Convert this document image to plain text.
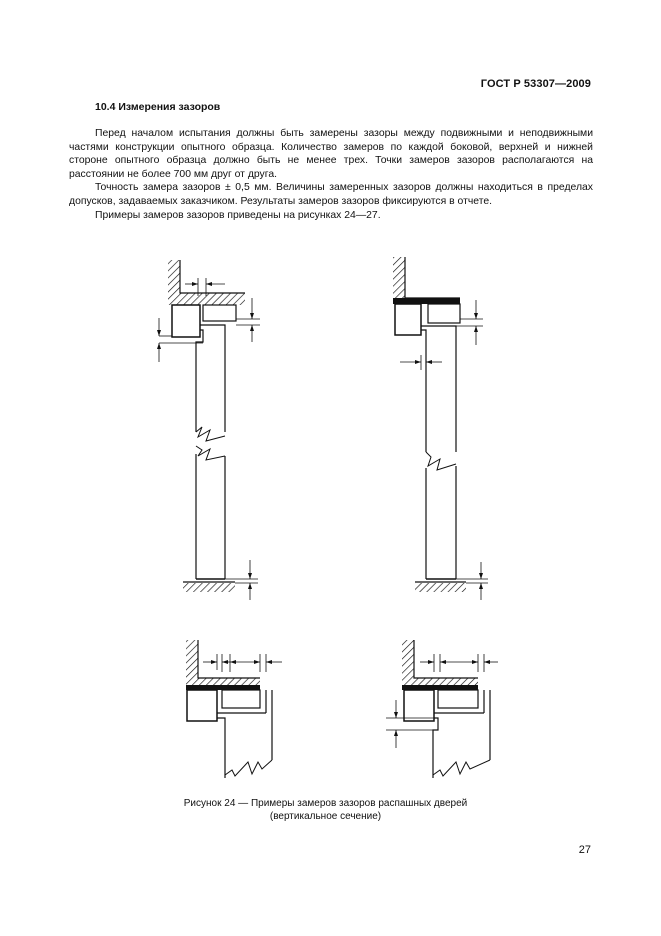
ГОСТ Р 53307—2009
10.4 Измерения зазоров

Перед началом испытания должны быть замерены зазоры между подвижными и неподвижными частями конструкции опытного образца. Количество замеров по каждой боковой, верхней и нижней стороне опытного образца должно быть не менее трех. Точки замеров зазоров располагаются на расстоянии не более 700 мм друг от друга.

Точность замера зазоров ± 0,5 мм. Величины замеренных зазоров должны находиться в пределах допусков, задаваемых заказчиком. Результаты замеров зазоров фиксируются в отчете.

Примеры замеров зазоров приведены на рисунках 24—27.

Рисунок 24 — Примеры замеров зазоров распашных дверей
(вертикальное сечение)
27
